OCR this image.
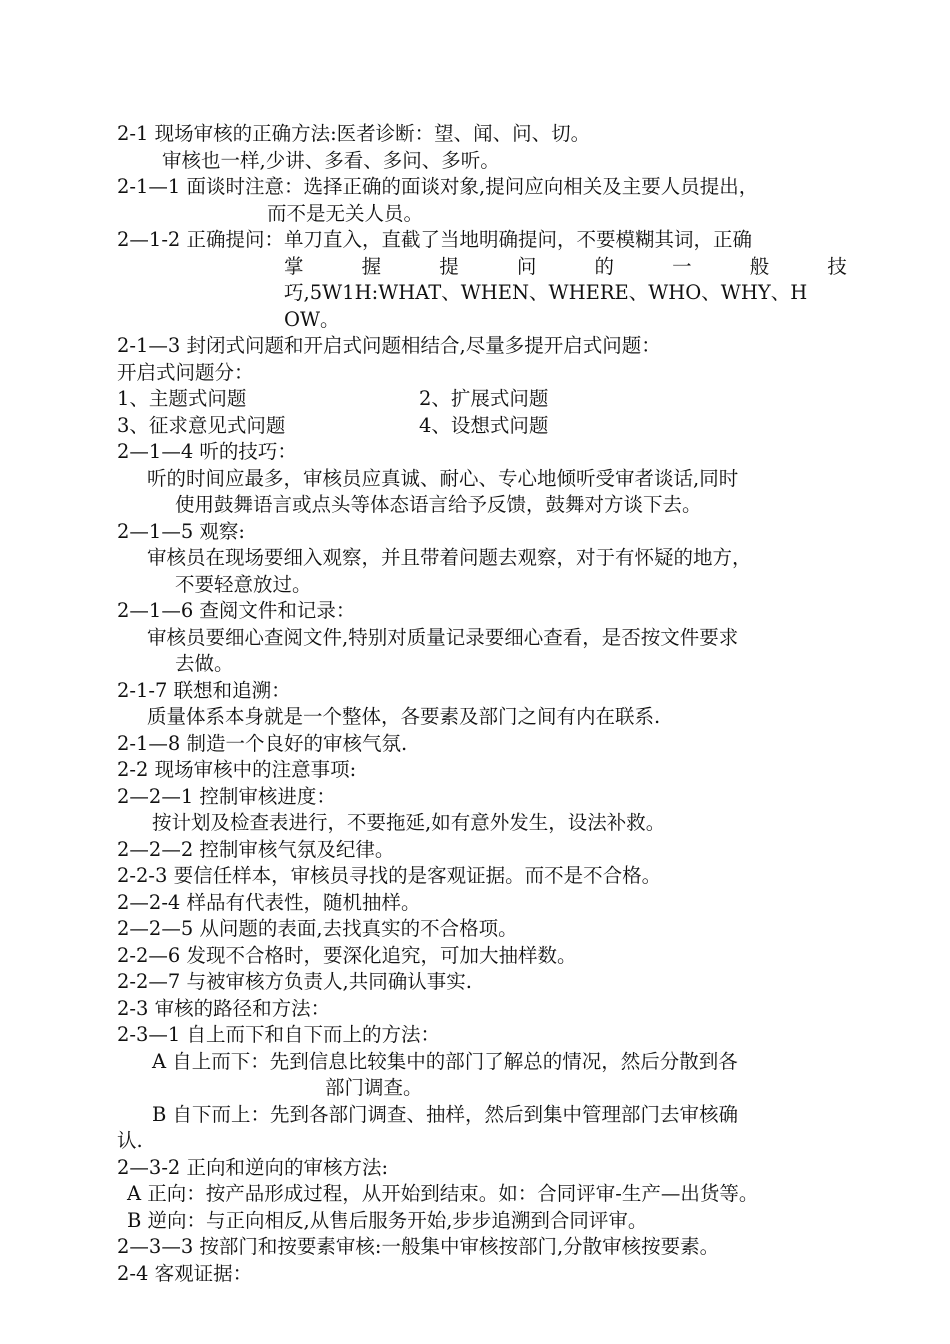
2-1 现场审核的正确方法:医者诊断：望、闻、问、切。
审核也一样,少讲、多看、多问、多听。
2-1—1 面谈时注意：选择正确的面谈对象,提问应向相关及主要人员提出，
而不是无关人员。
2—1-2 正确提问： 单刀直入，直截了当地明确提问，不要模糊其词，正确
掌	握	提	问	的	一	般	技
巧,5W1H:WHAT、WHEN、WHERE、WHO、WHY、H
OW。
2-1—3 封闭式问题和开启式问题相结合,尽量多提开启式问题：
开启式问题分：
1、主题式问题	2、扩展式问题
3、征求意见式问题	4、设想式问题
2—1—4 听的技巧：
听的时间应最多，审核员应真诚、耐心、专心地倾听受审者谈话,同时
使用鼓舞语言或点头等体态语言给予反馈，鼓舞对方谈下去。
2—1—5 观察:
审核员在现场要细入观察，并且带着问题去观察，对于有怀疑的地方，
不要轻意放过。
2—1—6 查阅文件和记录：
审核员要细心查阅文件,特别对质量记录要细心查看，是否按文件要求
去做。
2-1-7 联想和追溯：
质量体系本身就是一个整体，各要素及部门之间有内在联系.
2-1—8 制造一个良好的审核气氛.
2-2 现场审核中的注意事项:
2—2—1 控制审核进度：
按计划及检查表进行，不要拖延,如有意外发生，设法补救。
2—2—2 控制审核气氛及纪律。
2-2-3 要信任样本，审核员寻找的是客观证据。而不是不合格。
2—2-4 样品有代表性，随机抽样。
2—2—5 从问题的表面,去找真实的不合格项。
2-2—6 发现不合格时，要深化追究，可加大抽样数。
2-2—7 与被审核方负责人,共同确认事实.
2-3 审核的路径和方法：
2-3—1 自上而下和自下而上的方法：
A 自上而下：先到信息比较集中的部门了解总的情况，然后分散到各
部门调查。
B 自下而上：先到各部门调查、抽样，然后到集中管理部门去审核确
认.
2—3-2 正向和逆向的审核方法:
A 正向：按产品形成过程，从开始到结束。如：合同评审-生产—出货等。
B 逆向：与正向相反,从售后服务开始,步步追溯到合同评审。
2—3—3 按部门和按要素审核:一般集中审核按部门,分散审核按要素。
2-4 客观证据：
